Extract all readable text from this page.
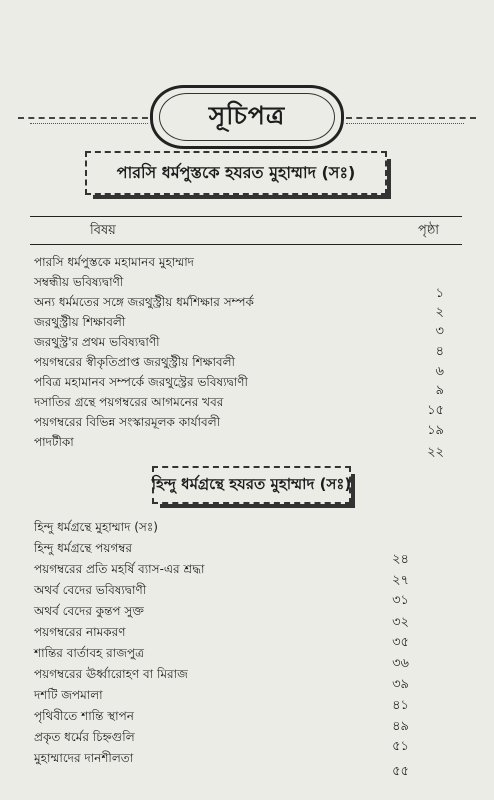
সূচিপত্র
পারসি ধর্মপুস্তকে হযরত মুহাম্মাদ (সঃ)
বিষয়	পৃষ্ঠা
পারসি ধর্মপুস্তকে মহামানব মুহাম্মাদ
সম্বন্ধীয় ভবিষ্যদ্বাণী
অন্য ধর্মমতের সঙ্গে জরথুস্ট্রীয় ধর্মশিক্ষার সম্পর্ক
জরথুস্ট্রীয় শিক্ষাবলী
জরথুস্ট্র'র প্রথম ভবিষ্যদ্বাণী
পয়গম্বরের স্বীকৃতিপ্রাপ্ত জরথুস্ট্রীয় শিক্ষাবলী
পবিত্র মহামানব সম্পর্কে জরথুস্ট্রের ভবিষ্যদ্বাণী
দসাতির গ্রন্থে পয়গম্বরের আগমনের খবর
পয়গম্বরের বিভিন্ন সংস্কারমূলক কার্যাবলী
পাদটীকা
১
২
৩
৪
৬
৯
১৫
১৯
২২
হিন্দু ধর্মগ্রন্থে হযরত মুহাম্মাদ (সঃ)
হিন্দু ধর্মগ্রন্থে মুহাম্মাদ (সঃ)
হিন্দু ধর্মগ্রন্থে পয়গম্বর
পয়গম্বরের প্রতি মহর্ষি ব্যাস-এর শ্রদ্ধা
অথর্ব বেদের ভবিষ্যদ্বাণী
অথর্ব বেদের কুন্তপ সুক্ত
পয়গম্বরের নামকরণ
শান্তির বার্তাবহ রাজপুত্র
পয়গম্বরের ঊর্ধ্বারোহণ বা মিরাজ
দশটি জপমালা
পৃথিবীতে শান্তি স্থাপন
প্রকৃত ধর্মের চিহ্নগুলি
মুহাম্মাদের দানশীলতা
২৪
২৭
৩১
৩২
৩৫
৩৬
৩৯
৪১
৪৯
৫১
৫৫
